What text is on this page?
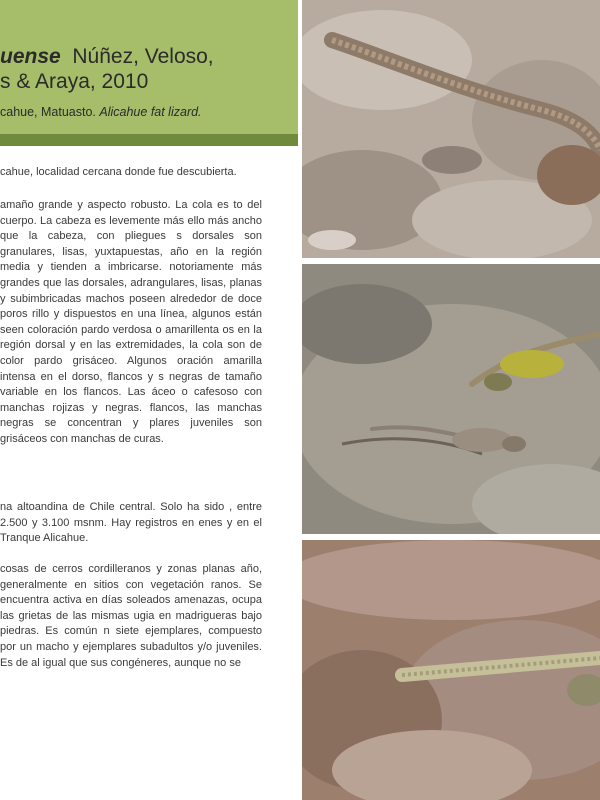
uense Núñez, Veloso,
s & Araya, 2010
cahue, Matuasto. Alicahue fat lizard.

cahue, localidad cercana donde fue descubierta.

amaño grande y aspecto robusto. La cola es to del cuerpo. La cabeza es levemente más ello más ancho que la cabeza, con pliegues s dorsales son granulares, lisas, yuxtapuestas, año en la región media y tienden a imbricarse. notoriamente más grandes que las dorsales, adrangulares, lisas, planas y subimbricadas machos poseen alrededor de doce poros rillo y dispuestos en una línea, algunos están seen coloración pardo verdosa o amarillenta os en la región dorsal y en las extremidades, la cola son de color pardo grisáceo. Algunos oración amarilla intensa en el dorso, flancos y s negras de tamaño variable en los flancos. Las áceo o cafesoso con manchas rojizas y negras. flancos, las manchas negras se concentran y plares juveniles son grisáceos con manchas de curas.

na altoandina de Chile central. Solo ha sido , entre 2.500 y 3.100 msnm. Hay registros en enes y en el Tranque Alicahue.

cosas de cerros cordilleranos y zonas planas año, generalmente en sitios con vegetación ranos. Se encuentra activa en días soleados amenazas, ocupa las grietas de las mismas ugia en madrigueras bajo piedras. Es común n siete ejemplares, compuesto por un macho y ejemplares subadultos y/o juveniles. Es de al igual que sus congéneres, aunque no se
